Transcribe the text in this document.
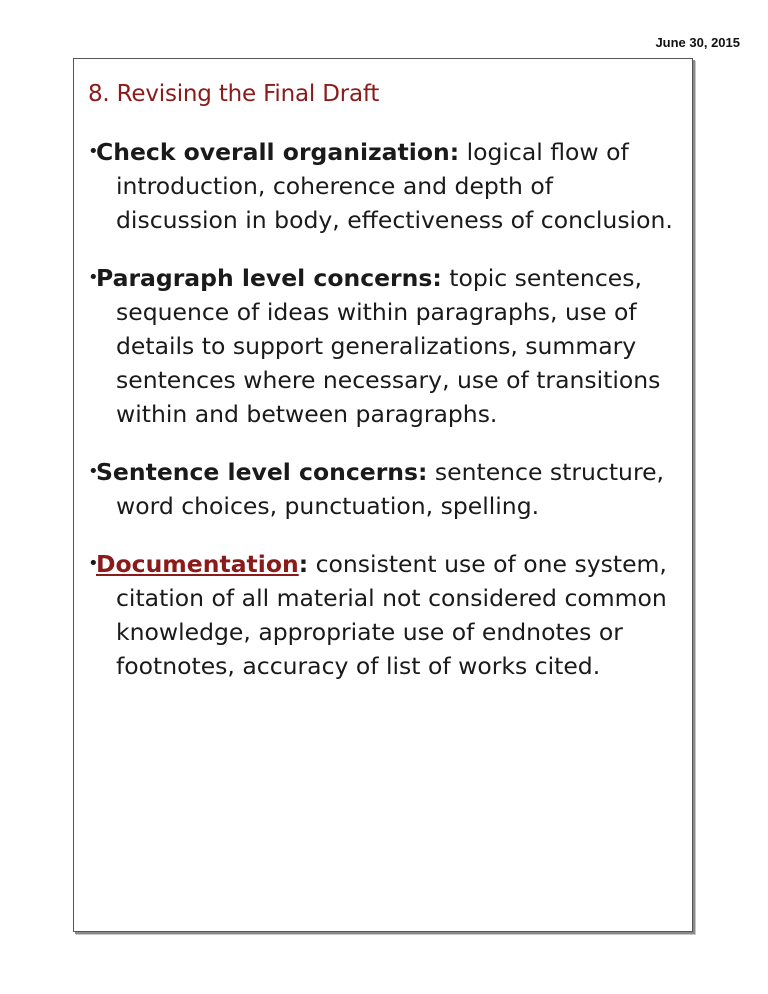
June 30, 2015
8. Revising the Final Draft
•
Check overall organization: logical flow of introduction, coherence and depth of discussion in body, effectiveness of conclusion.
•
Paragraph level concerns: topic sentences, sequence of ideas within paragraphs, use of details to support generalizations, summary sentences where necessary, use of transitions within and between paragraphs.
•
Sentence level concerns: sentence structure, word choices, punctuation, spelling.
•
Documentation: consistent use of one system, citation of all material not considered common knowledge, appropriate use of endnotes or footnotes, accuracy of list of works cited.
